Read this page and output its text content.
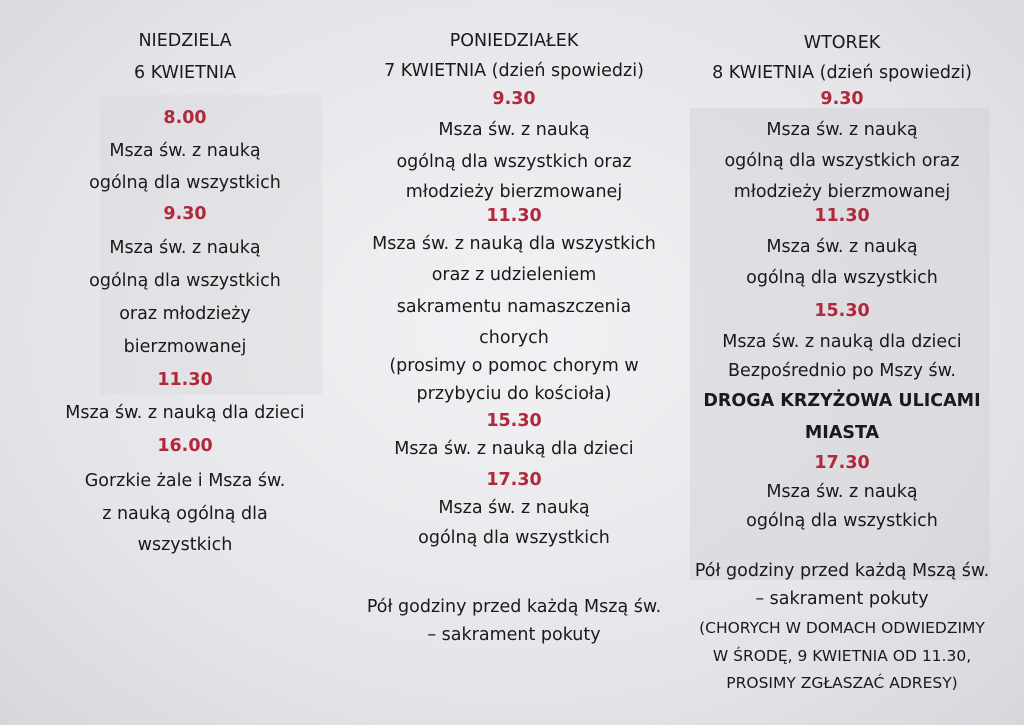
NIEDZIELA
6 KWIETNIA
8.00
Msza św. z nauką
ogólną dla wszystkich
9.30
Msza św. z nauką
ogólną dla wszystkich
oraz młodzieży
bierzmowanej
11.30
Msza św. z nauką dla dzieci
16.00
Gorzkie żale i Msza św.
z nauką ogólną dla
wszystkich
PONIEDZIAŁEK
7 KWIETNIA (dzień spowiedzi)
9.30
Msza św. z nauką
ogólną dla wszystkich oraz
młodzieży bierzmowanej
11.30
Msza św. z nauką dla wszystkich
oraz z udzieleniem
sakramentu namaszczenia
chorych
(prosimy o pomoc chorym w
przybyciu do kościoła)
15.30
Msza św. z nauką dla dzieci
17.30
Msza św. z nauką
ogólną dla wszystkich
Pół godziny przed każdą Mszą św.
– sakrament pokuty
WTOREK
8 KWIETNIA (dzień spowiedzi)
9.30
Msza św. z nauką
ogólną dla wszystkich oraz
młodzieży bierzmowanej
11.30
Msza św. z nauką
ogólną dla wszystkich
15.30
Msza św. z nauką dla dzieci
Bezpośrednio po Mszy św.
DROGA KRZYŻOWA ULICAMI
MIASTA
17.30
Msza św. z nauką
ogólną dla wszystkich
Pół godziny przed każdą Mszą św.
– sakrament pokuty
(CHORYCH W DOMACH ODWIEDZIMY
W ŚRODĘ, 9 KWIETNIA OD 11.30,
PROSIMY ZGŁASZAĆ ADRESY)
